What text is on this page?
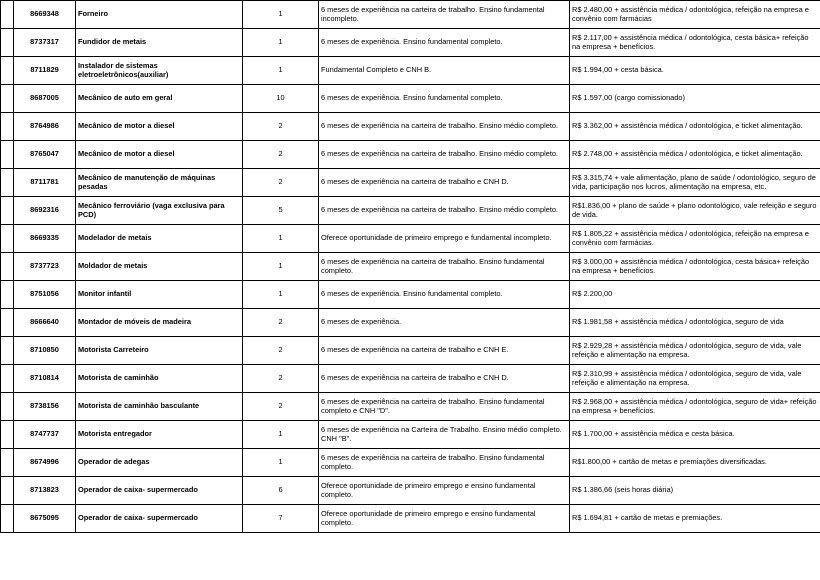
	8669348	Forneiro	1	6 meses de experiência na carteira de trabalho. Ensino fundamental incompleto.	R$ 2.480,00 + assistência médica / odontológica, refeição na empresa e convênio com farmácias
	8737317	Fundidor de metais	1	6 meses de experiência. Ensino fundamental completo.	R$ 2.117,00 + assistência médica / odontológica, cesta básica+ refeição na empresa + benefícios.
	8711829	Instalador de sistemas eletroeletrônicos(auxiliar)	1	Fundamental Completo e CNH B.	R$ 1.994,00 + cesta básica.
	8687005	Mecânico de auto em geral	10	6 meses de experiência. Ensino fundamental completo.	R$ 1.597,00 (cargo comissionado)
	8764986	Mecânico de motor a diesel	2	6 meses de experiência na carteira de trabalho. Ensino médio completo.	R$ 3.362,00 + assistência médica / odontológica, e ticket alimentação.
	8765047	Mecânico de motor a diesel	2	6 meses de experiência na carteira de trabalho. Ensino médio completo.	R$ 2.748,00 + assistência médica / odontológica, e ticket alimentação.
	8711781	Mecânico de manutenção de máquinas pesadas	2	6 meses de experiência na carteira de trabalho e CNH D.	R$ 3.315,74 + vale alimentação, plano de saúde / odontológico, seguro de vida, participação nos lucros, alimentação na empresa, etc.
	8692316	Mecânico ferroviário (vaga exclusiva para PCD)	5	6 meses de experiência na carteira de trabalho. Ensino médio completo.	R$1.836,00 + plano de saúde + plano odontológico, vale refeição e seguro de vida.
	8669335	Modelador de metais	1	Oferece oportunidade de primeiro emprego e fundamental incompleto.	R$ 1.805,22 + assistência médica / odontológica, refeição na empresa e convênio com farmácias.
	8737723	Moldador de metais	1	6 meses de experiência na carteira de trabalho. Ensino fundamental completo.	R$ 3.000,00 + assistência médica / odontológica, cesta básica+ refeição na empresa + benefícios.
	8751056	Monitor infantil	1	6 meses de experiência. Ensino fundamental completo.	R$ 2.200,00
	8666640	Montador de móveis de madeira	2	6 meses de experiência.	R$ 1.981,58 + assistência médica / odontológica, seguro de vida
	8710850	Motorista Carreteiro	2	6 meses de experiência na carteira de trabalho e CNH E.	R$ 2.929,28 + assistência médica / odontológica, seguro de vida, vale refeição e alimentação na empresa.
	8710814	Motorista de caminhão	2	6 meses de experiência na carteira de trabalho e CNH D.	R$ 2.310,99 + assistência médica / odontológica, seguro de vida, vale refeição e alimentação na empresa.
	8738156	Motorista de caminhão basculante	2	6 meses de experiência na carteira de trabalho. Ensino fundamental completo e CNH "D".	R$ 2.968,00 + assistência médica / odontológica, seguro de vida+ refeição na empresa + benefícios.
	8747737	Motorista entregador	1	6 meses de experiência na Carteira de Trabalho. Ensino médio completo. CNH "B".	R$ 1.700,00 + assistência médica e cesta básica.
	8674996	Operador de adegas	1	6 meses de experiência na carteira de trabalho. Ensino fundamental completo.	R$1.800,00 + cartão de metas e premiações diversificadas.
	8713823	Operador de caixa- supermercado	6	Oferece oportunidade de primeiro emprego e ensino fundamental completo.	R$ 1.386,66 (seis horas diária)
	8675095	Operador de caixa- supermercado	7	Oferece oportunidade de primeiro emprego e ensino fundamental completo.	R$ 1.694,81 + cartão de metas e premiações.
